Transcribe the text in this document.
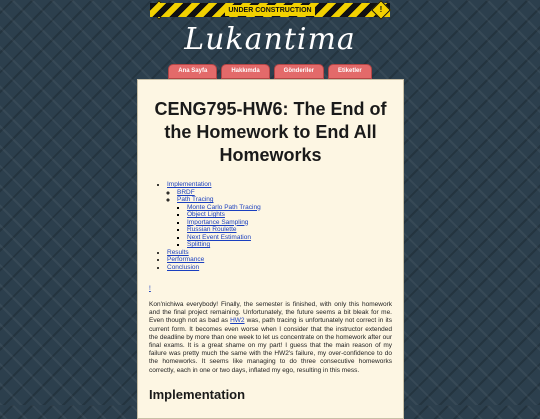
UNDER CONSTRUCTION	!
Lukantima
Ana Sayfa	Hakkımda	Gönderiler	Etiketler
CENG795-HW6: The End of the Homework to End All Homeworks
• Implementation
◦ BRDF
◦ Path Tracing
▪ Monte Carlo Path Tracing
▪ Object Lights
▪ Importance Sampling
▪ Russian Roulette
▪ Next Event Estimation
▪ Splitting
• Results
• Performance
• Conclusion
!

Kon'nichiwa everybody! Finally, the semester is finished, with only this homework and the final project remaining. Unfortunately, the future seems a bit bleak for me. Even though not as bad as HW2 was, path tracing is unfortunately not correct in its current form. It becomes even worse when I consider that the instructor extended the deadline by more than one week to let us concentrate on the homework after our final exams. It is a great shame on my part! I guess that the main reason of my failure was pretty much the same with the HW2's failure, my over-confidence to do the homeworks. It seems like managing to do three consecutive homeworks correctly, each in one or two days, inflated my ego, resulting in this mess.

Implementation
